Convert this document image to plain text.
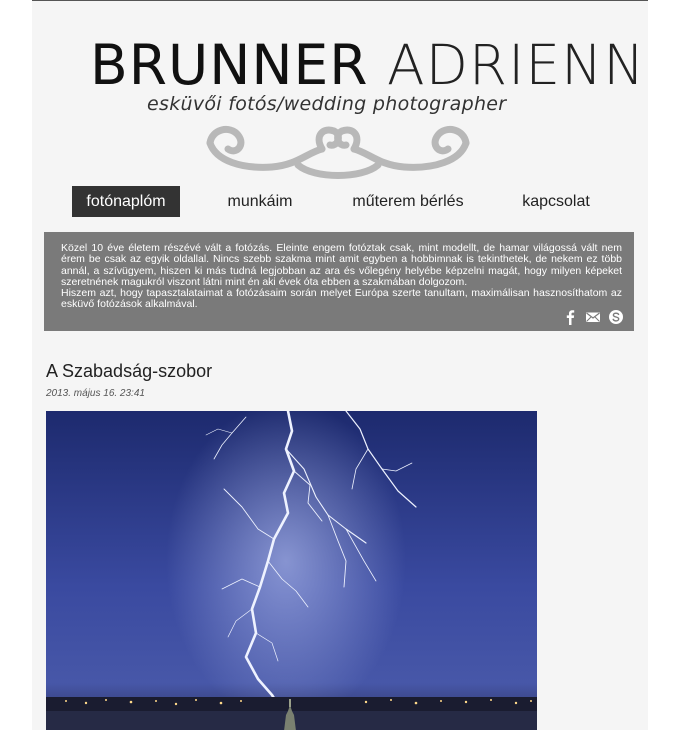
BRUNNER ADRIENN
esküvői fotós/wedding photographer
fotónaplóm	munkáim	műterem bérlés	kapcsolat

Közel 10 éve életem részévé vált a fotózás. Eleinte engem fotóztak csak, mint modellt, de hamar világossá vált nem érem be csak az egyik oldallal. Nincs szebb szakma mint amit egyben a hobbimnak is tekinthetek, de nekem ez több annál, a szívügyem, hiszen ki más tudná legjobban az ara és vőlegény helyébe képzelni magát, hogy milyen képeket szeretnének magukról viszont látni mint én aki évek óta ebben a szakmában dolgozom.

Hiszem azt, hogy tapasztalataimat a fotózásaim során melyet Európa szerte tanultam, maximálisan hasznosíthatom az esküvő fotózások alkalmával.

A Szabadság-szobor
2013. május 16. 23:41
